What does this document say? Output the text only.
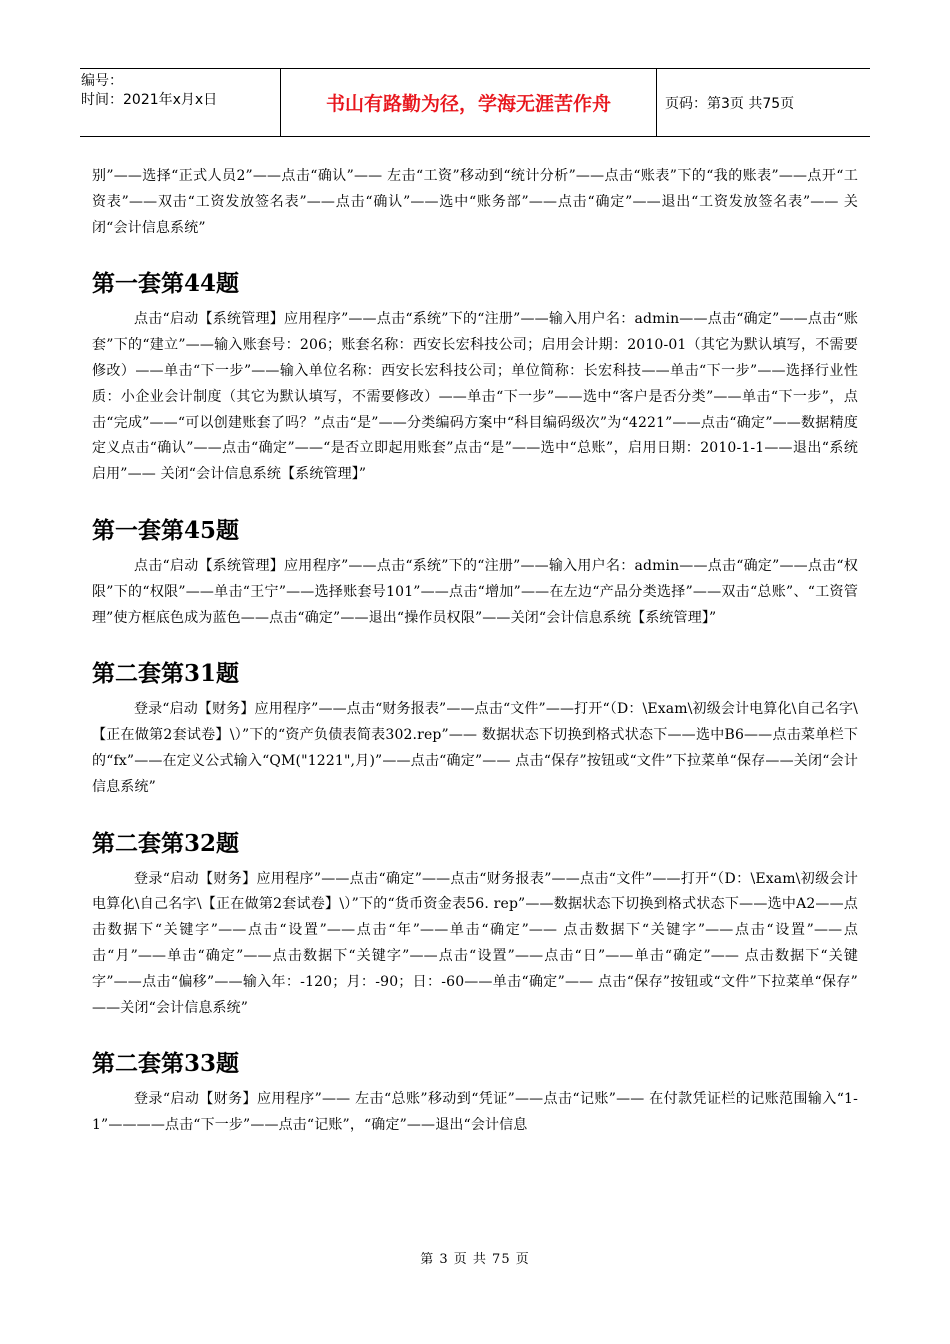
编号：
时间：2021年x月x日	书山有路勤为径，学海无涯苦作舟	页码：第3页 共75页

别”——选择“正式人员2”——点击“确认”—— 左击“工资”移动到“统计分析”——点击“账表”下的“我的账表”——点开“工资表”——双击“工资发放签名表”——点击“确认”——选中“账务部”——点击“确定”——退出“工资发放签名表”—— 关闭“会计信息系统”

第一套第44题

点击“启动【系统管理】应用程序”——点击“系统”下的“注册”——输入用户名：admin——点击“确定”——点击“账套”下的“建立”——输入账套号：206；账套名称：西安长宏科技公司；启用会计期：2010-01（其它为默认填写，不需要修改）——单击“下一步”——输入单位名称：西安长宏科技公司；单位简称：长宏科技——单击“下一步”——选择行业性质：小企业会计制度（其它为默认填写，不需要修改）——单击“下一步”——选中“客户是否分类”——单击“下一步”，点击“完成”——“可以创建账套了吗？”点击“是”——分类编码方案中“科目编码级次”为“4221”——点击“确定”——数据精度定义点击“确认”——点击“确定”——“是否立即起用账套”点击“是”——选中“总账”，启用日期：2010-1-1——退出“系统启用”—— 关闭“会计信息系统【系统管理】”

第一套第45题

点击“启动【系统管理】应用程序”——点击“系统”下的“注册”——输入用户名：admin——点击“确定”——点击“权限”下的“权限”——单击“王宁”——选择账套号101”——点击“增加”——在左边“产品分类选择”——双击“总账”、“工资管理”使方框底色成为蓝色——点击“确定”——退出“操作员权限”——关闭“会计信息系统【系统管理】”

第二套第31题

登录“启动【财务】应用程序”——点击“财务报表”——点击“文件”——打开“（D：\Exam\初级会计电算化\自己名字\【正在做第2套试卷】\）”下的“资产负债表简表302.rep”—— 数据状态下切换到格式状态下——选中B6——点击菜单栏下的“fx”——在定义公式输入“QM("1221",月)”——点击“确定”—— 点击“保存”按钮或“文件”下拉菜单“保存——关闭“会计信息系统”

第二套第32题

登录“启动【财务】应用程序”——点击“确定”——点击“财务报表”——点击“文件”——打开“（D：\Exam\初级会计电算化\自己名字\【正在做第2套试卷】\）”下的“货币资金表56. rep”——数据状态下切换到格式状态下——选中A2——点击数据下“关键字”——点击“设置”——点击“年”——单击“确定”—— 点击数据下“关键字”——点击“设置”——点击“月”——单击“确定”——点击数据下“关键字”——点击“设置”——点击“日”——单击“确定”—— 点击数据下“关键字”——点击“偏移”——输入年：-120；月：-90；日：-60——单击“确定”—— 点击“保存”按钮或“文件”下拉菜单“保存” ——关闭“会计信息系统”

第二套第33题

登录“启动【财务】应用程序”—— 左击“总账”移动到“凭证”——点击“记账”—— 在付款凭证栏的记账范围输入“1-1”————点击“下一步”——点击“记账”，“确定”——退出“会计信息

第 3 页 共 75 页
